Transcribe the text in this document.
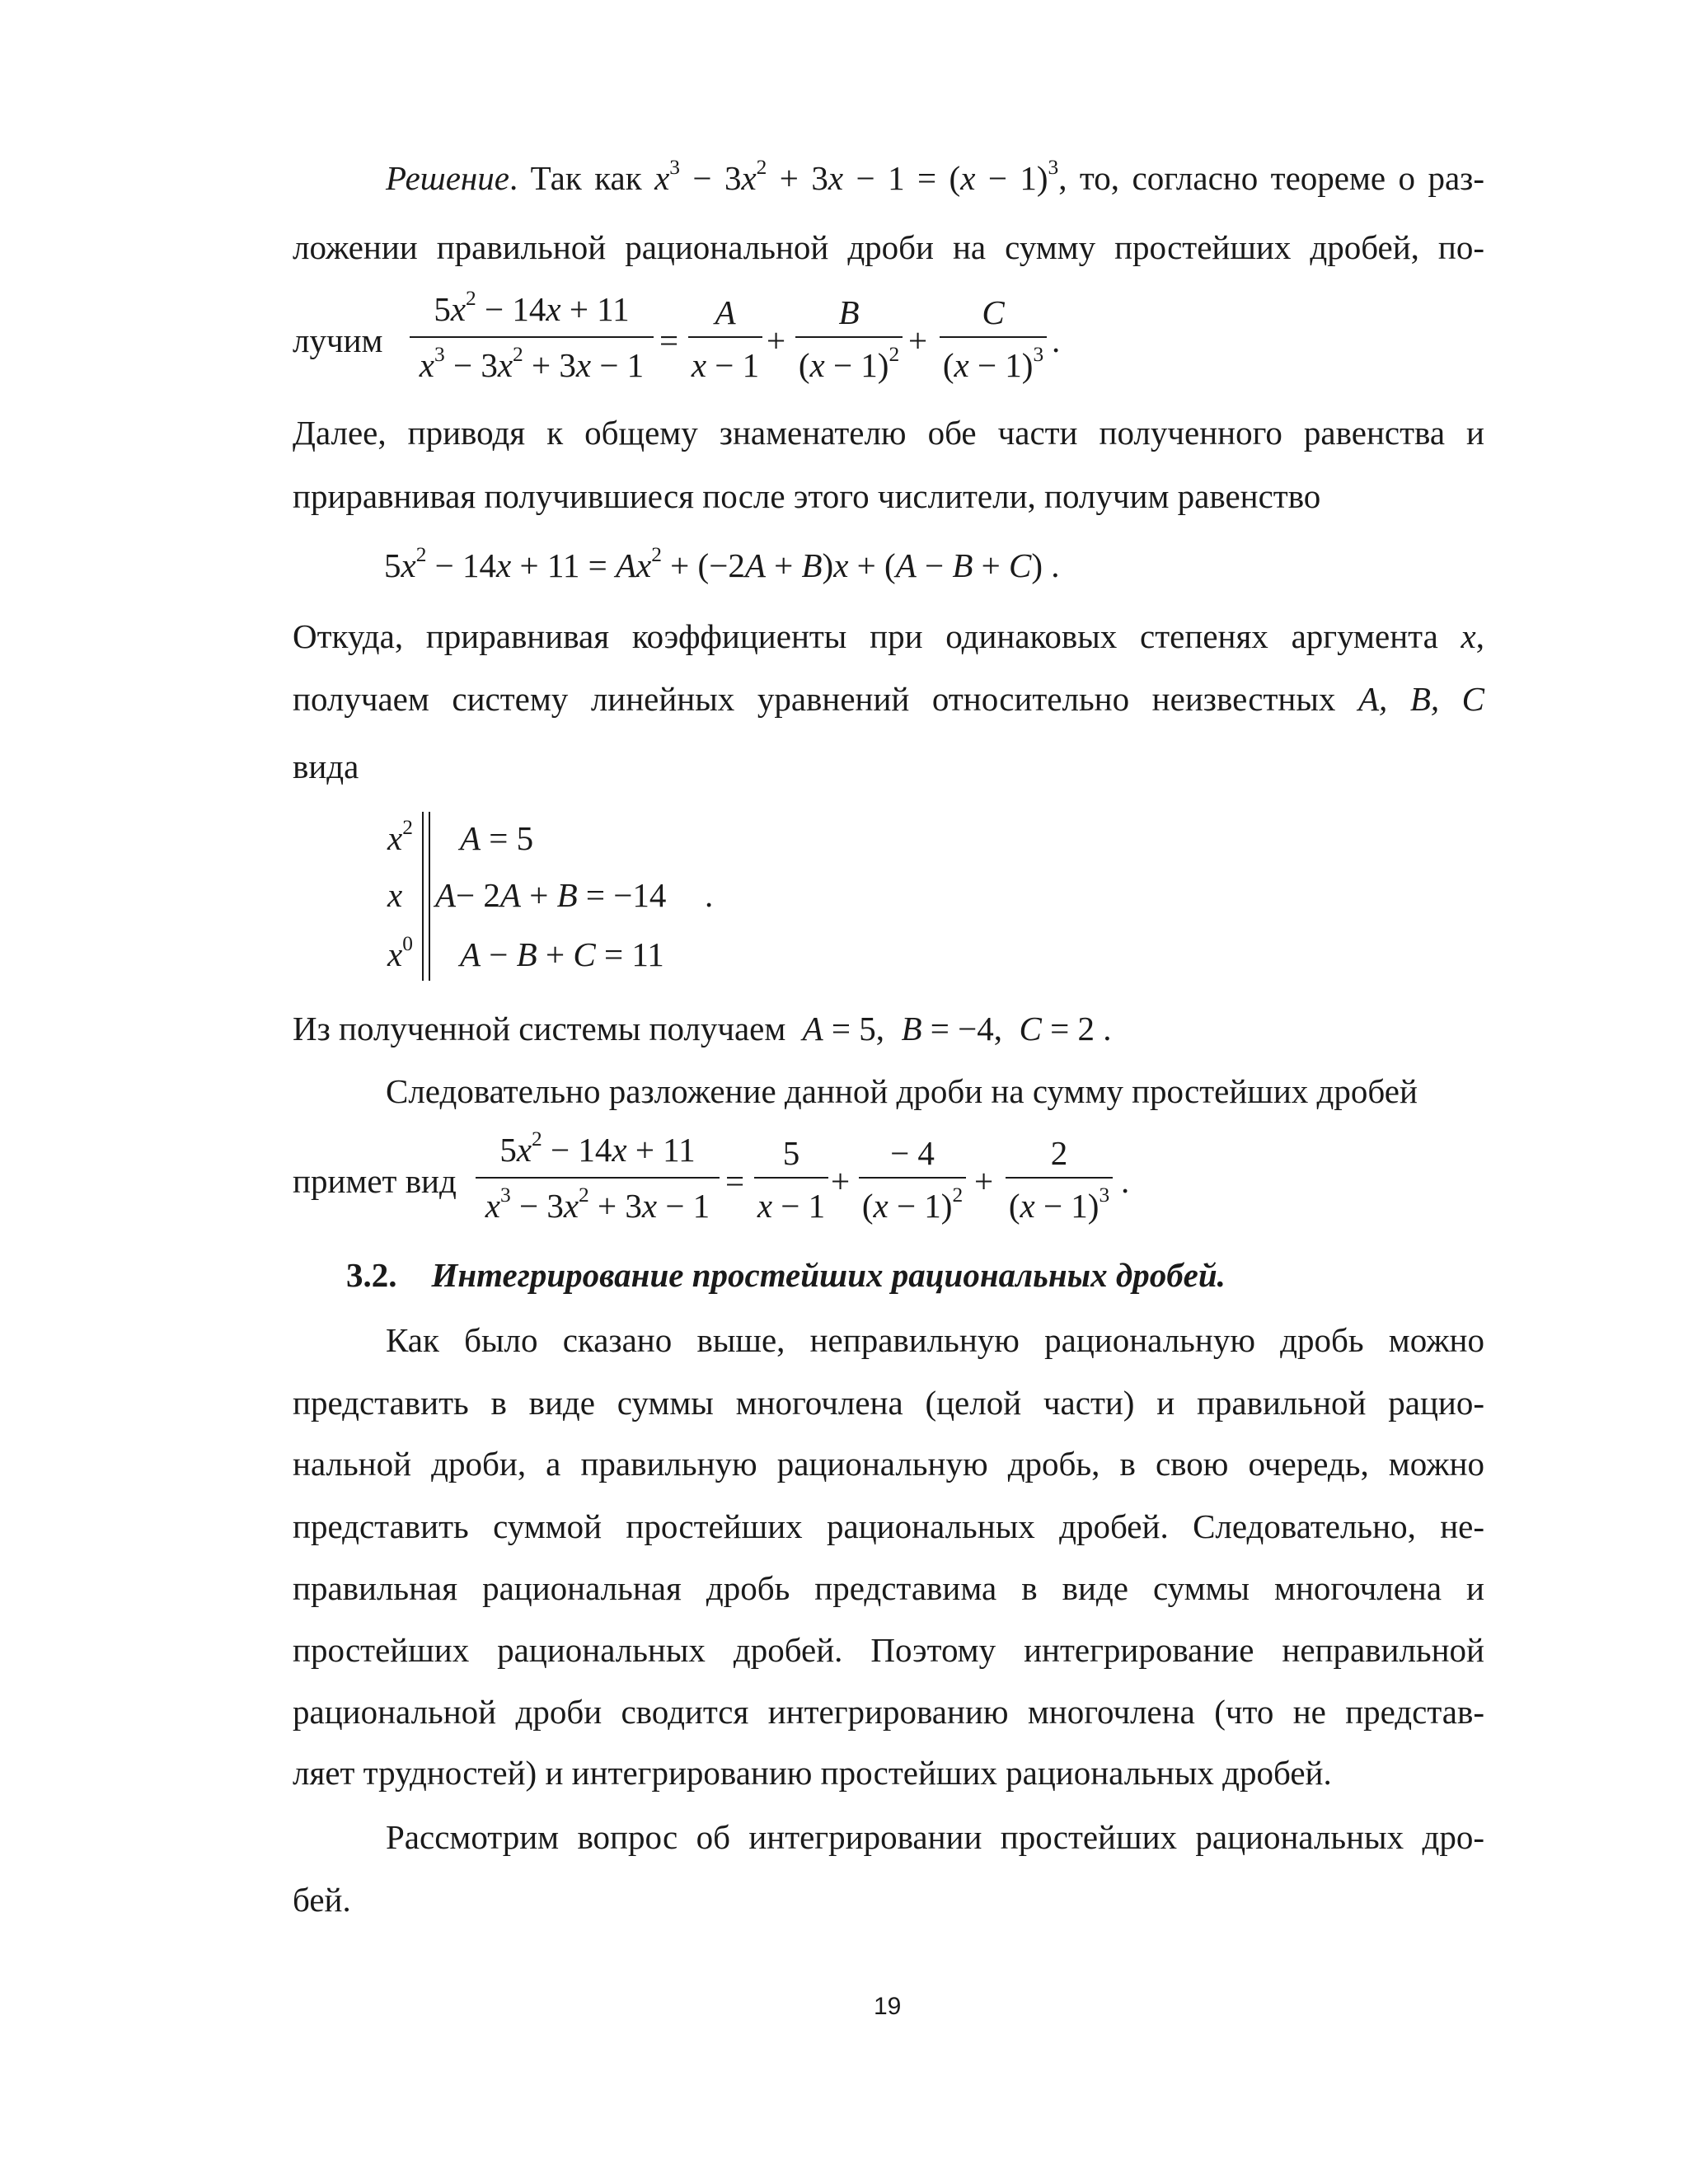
Решение. Так как $x^3 - 3x^2 + 3x - 1 = (x - 1)^3$, то, согласно теореме о раз-
ложении правильной рациональной дроби на сумму простейших дробей, по-
лучим
$5x^2 - 14x + 11$
$x^3 - 3x^2 + 3x - 1$
=
A
x − 1
+
B
$(x - 1)^2$ +
C
$(x - 1)^3$ .
Далее, приводя к общему знаменателю обе части полученного равенства и
приравнивая получившиеся после этого числители, получим равенство
$5x^2 - 14x + 11 = Ax^2 + (-2A + B)x + (A - B + C)$ .
Откуда, приравнивая коэффициенты при одинаковых степенях аргумента x,
получаем систему линейных уравнений относительно неизвестных A, B, C
вида
$x^2$
x
$x^0$
A = 5
A− 2A + B = −14
A − B + C = 11
.
Из полученной системы получаем A = 5,  B = −4,  C = 2 .
Следовательно разложение данной дроби на сумму простейших дробей
примет вид
$5x^2 - 14x + 11$
$x^3 - 3x^2 + 3x - 1$
=
5
x − 1
+
− 4
$(x - 1)^2$ +
2
$(x - 1)^3$ .
3.2. Интегрирование простейших рациональных дробей.
Как было сказано выше, неправильную рациональную дробь можно
представить в виде суммы многочлена (целой части) и правильной рацио-
нальной дроби, а правильную рациональную дробь, в свою очередь, можно
представить суммой простейших рациональных дробей. Следовательно, не-
правильная рациональная дробь представима в виде суммы многочлена и
простейших рациональных дробей. Поэтому интегрирование неправильной
рациональной дроби сводится интегрированию многочлена (что не представ-
ляет трудностей) и интегрированию простейших рациональных дробей.
Рассмотрим вопрос об интегрировании простейших рациональных дро-
бей.
19
